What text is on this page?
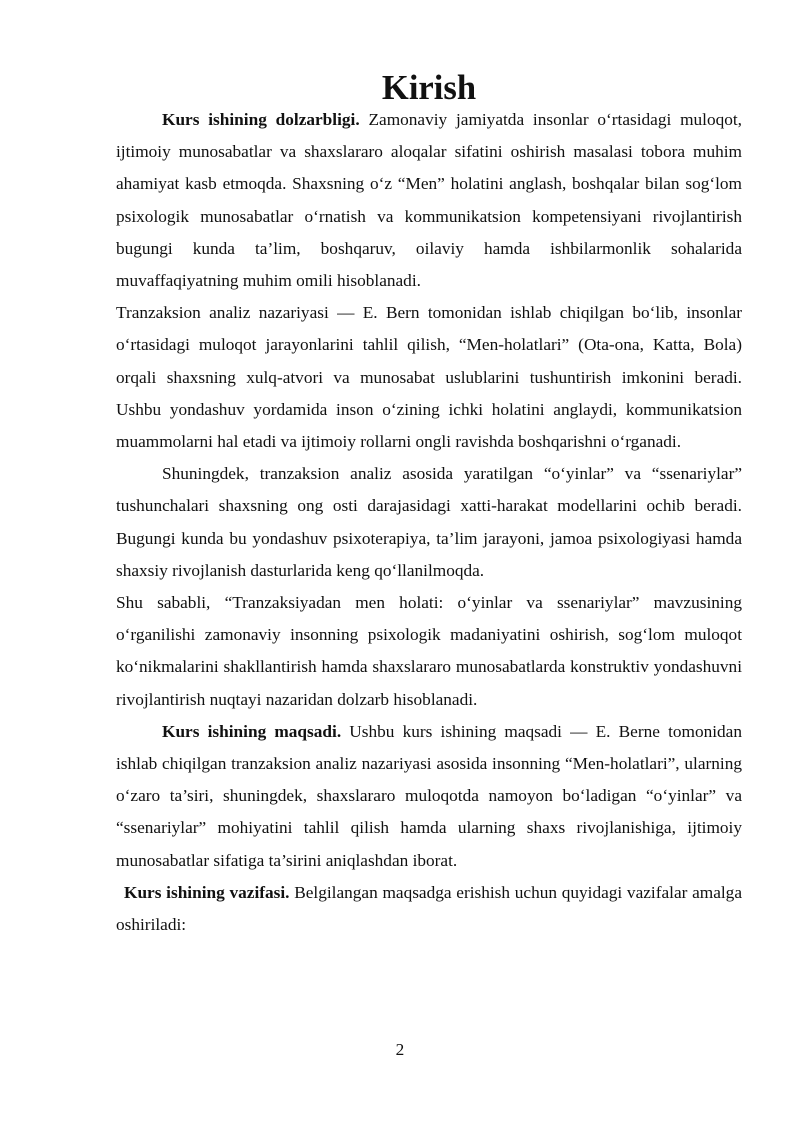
Kirish

Kurs ishining dolzarbligi. Zamonaviy jamiyatda insonlar o‘rtasidagi muloqot, ijtimoiy munosabatlar va shaxslararo aloqalar sifatini oshirish masalasi tobora muhim ahamiyat kasb etmoqda. Shaxsning o‘z “Men” holatini anglash, boshqalar bilan sog‘lom psixologik munosabatlar o‘rnatish va kommunikatsion kompetensiyani rivojlantirish bugungi kunda ta’lim, boshqaruv, oilaviy hamda ishbilarmonlik sohalarida muvaffaqiyatning muhim omili hisoblanadi.

Tranzaksion analiz nazariyasi — E. Bern tomonidan ishlab chiqilgan bo‘lib, insonlar o‘rtasidagi muloqot jarayonlarini tahlil qilish, “Men-holatlari” (Ota-ona, Katta, Bola) orqali shaxsning xulq-atvori va munosabat uslublarini tushuntirish imkonini beradi. Ushbu yondashuv yordamida inson o‘zining ichki holatini anglaydi, kommunikatsion muammolarni hal etadi va ijtimoiy rollarni ongli ravishda boshqarishni o‘rganadi.

Shuningdek, tranzaksion analiz asosida yaratilgan “o‘yinlar” va “ssenariylar” tushunchalari shaxsning ong osti darajasidagi xatti-harakat modellarini ochib beradi. Bugungi kunda bu yondashuv psixoterapiya, ta’lim jarayoni, jamoa psixologiyasi hamda shaxsiy rivojlanish dasturlarida keng qo‘llanilmoqda.

Shu sababli, “Tranzaksiyadan men holati: o‘yinlar va ssenariylar” mavzusining o‘rganilishi zamonaviy insonning psixologik madaniyatini oshirish, sog‘lom muloqot ko‘nikmalarini shakllantirish hamda shaxslararo munosabatlarda konstruktiv yondashuvni rivojlantirish nuqtayi nazaridan dolzarb hisoblanadi.

Kurs ishining maqsadi. Ushbu kurs ishining maqsadi — E. Berne tomonidan ishlab chiqilgan tranzaksion analiz nazariyasi asosida insonning “Men-holatlari”, ularning o‘zaro ta’siri, shuningdek, shaxslararo muloqotda namoyon bo‘ladigan “o‘yinlar” va “ssenariylar” mohiyatini tahlil qilish hamda ularning shaxs rivojlanishiga, ijtimoiy munosabatlar sifatiga ta’sirini aniqlashdan iborat.

Kurs ishining vazifasi. Belgilangan maqsadga erishish uchun quyidagi vazifalar amalga oshiriladi:

2
